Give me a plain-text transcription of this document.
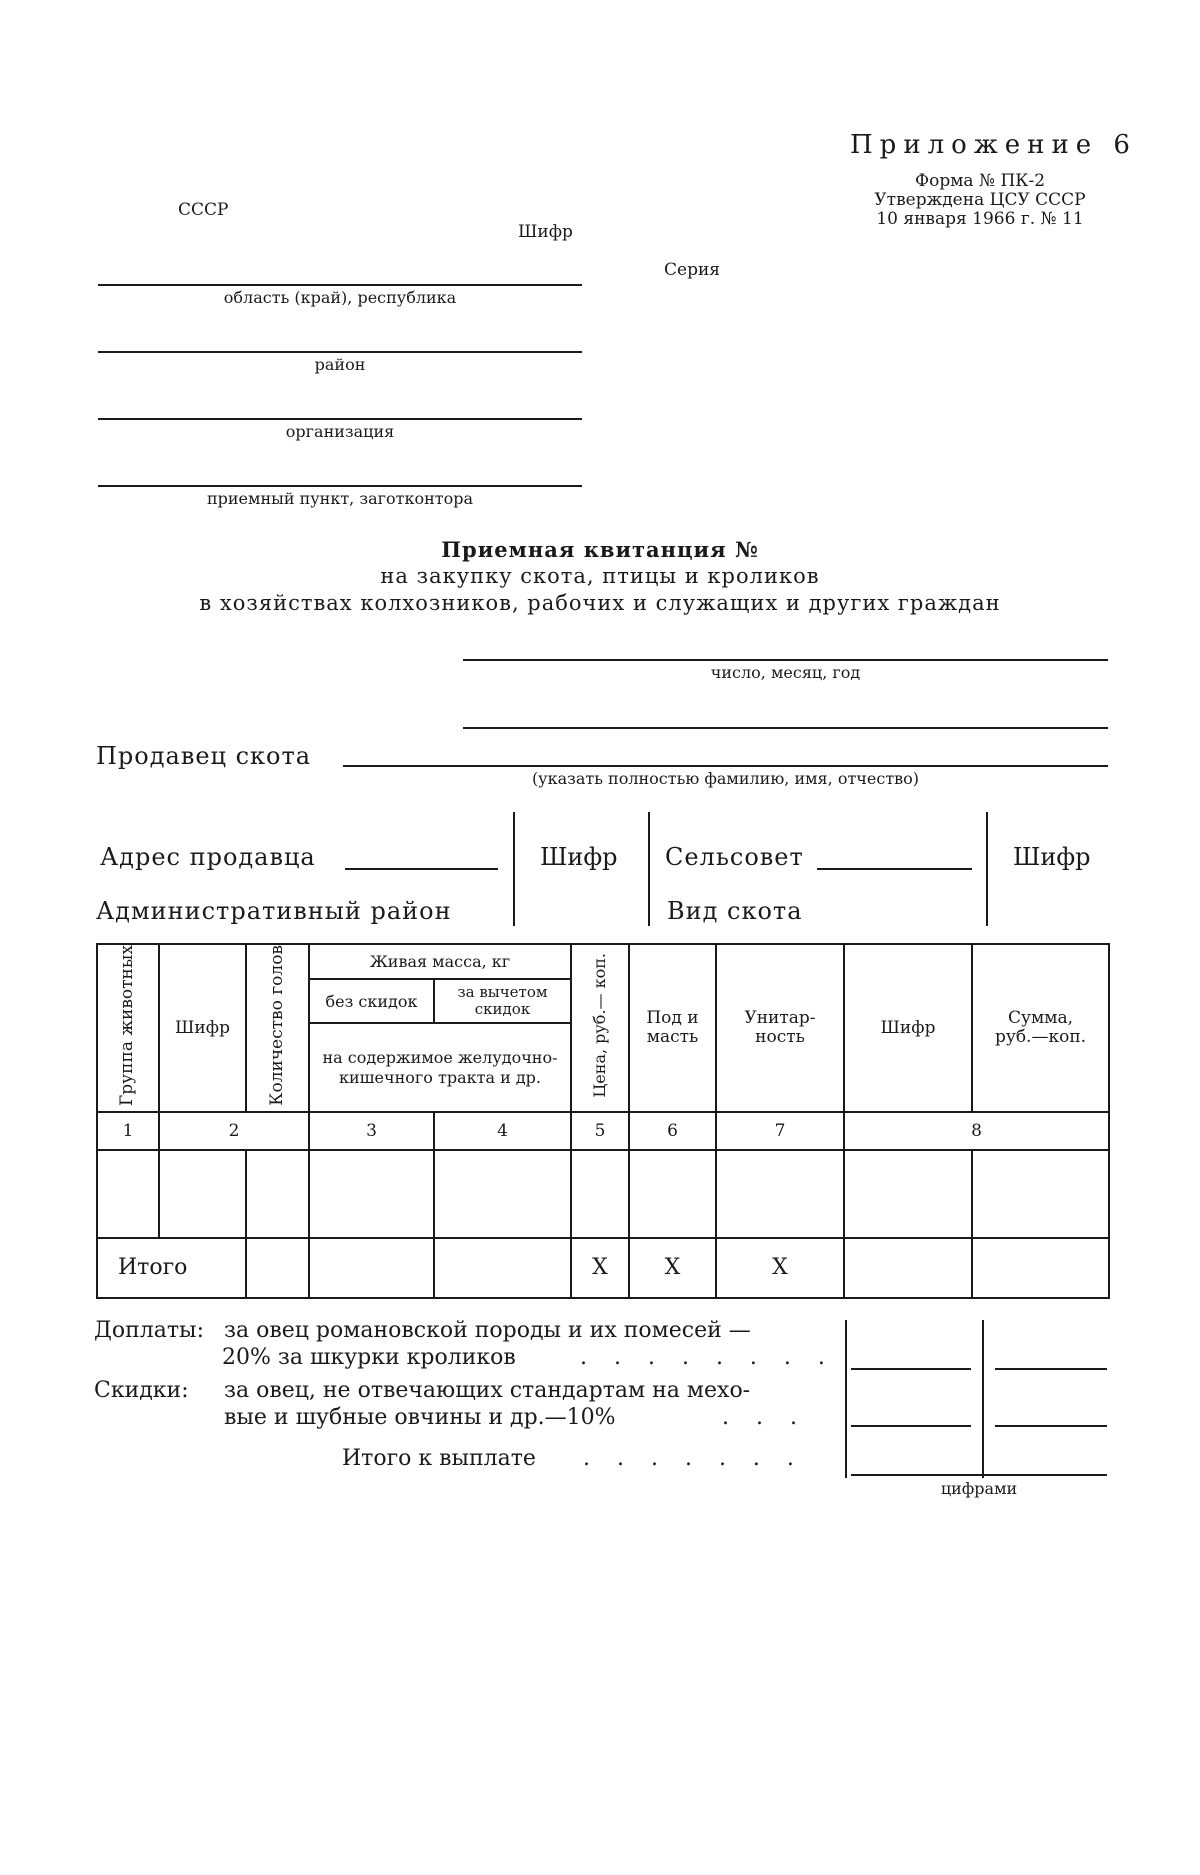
Приложение 6
Форма № ПК-2
Утверждена ЦСУ СССР
10 января 1966 г. № 11
СССР
Шифр
Серия
область (край), республика
район
организация
приемный пункт, заготконтора
Приемная квитанция №
на закупку скота, птицы и кроликов
в хозяйствах колхозников, рабочих и служащих и других граждан
число, месяц, год
Продавец скота
(указать полностью фамилию, имя, отчество)
Адрес продавца	Шифр Сельсовет	Шифр
Административный район	Вид скота
Группа животных	Шифр	Количество голов	Живая масса, кг	Цена, руб.— коп.	Под и
масть

Унитар-
ность	Шифр	Сумма,
руб.—коп.

без скидок	за вычетом скидок
на содержимое желудочно-кишечного тракта и др.
1	2	3	4	5	6	7	8

Итого				X	X	X		
Доплаты: за овец романовской породы и их помесей —
20% за шкурки кроликов	. . . . . . . .
Скидки: за овец, не отвечающих стандартам на мехо-
вые и шубные овчины и др.—10%	. . .
Итого к выплате . . . . . . .
цифрами
